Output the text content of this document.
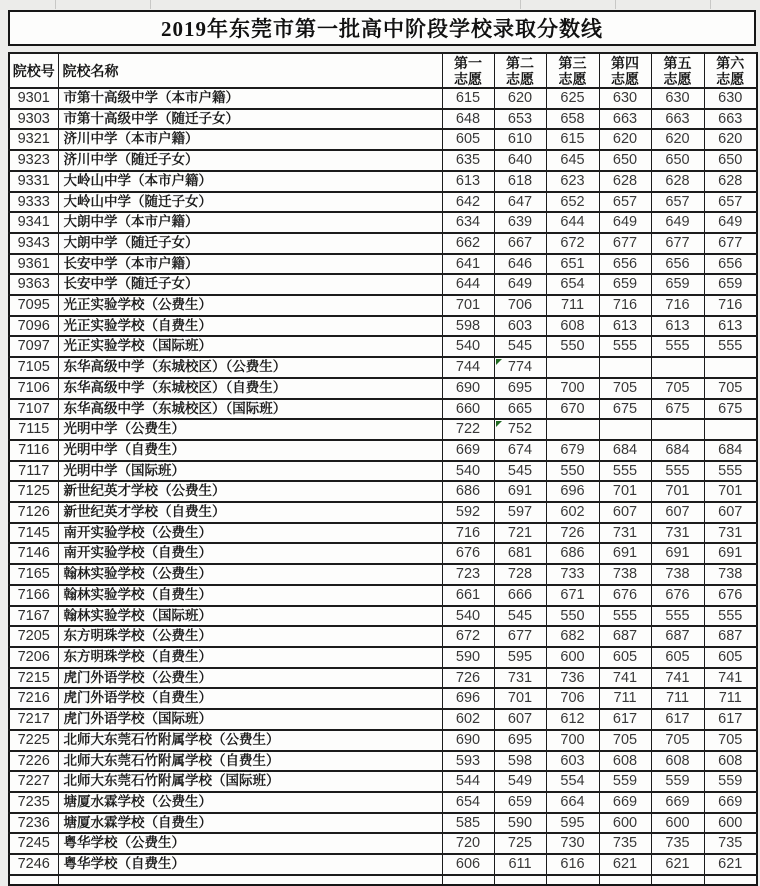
2019年东莞市第一批高中阶段学校录取分数线
院校号	院校名称	第一志愿	第二志愿	第三志愿	第四志愿	第五志愿	第六志愿
9301	市第十高级中学（本市户籍）	615	620	625	630	630	630
9303	市第十高级中学（随迁子女）	648	653	658	663	663	663
9321	济川中学（本市户籍）	605	610	615	620	620	620
9323	济川中学（随迁子女）	635	640	645	650	650	650
9331	大岭山中学（本市户籍）	613	618	623	628	628	628
9333	大岭山中学（随迁子女）	642	647	652	657	657	657
9341	大朗中学（本市户籍）	634	639	644	649	649	649
9343	大朗中学（随迁子女）	662	667	672	677	677	677
9361	长安中学（本市户籍）	641	646	651	656	656	656
9363	长安中学（随迁子女）	644	649	654	659	659	659
7095	光正实验学校（公费生）	701	706	711	716	716	716
7096	光正实验学校（自费生）	598	603	608	613	613	613
7097	光正实验学校（国际班）	540	545	550	555	555	555
7105	东华高级中学（东城校区）（公费生）	744	774				
7106	东华高级中学（东城校区）（自费生）	690	695	700	705	705	705
7107	东华高级中学（东城校区）（国际班）	660	665	670	675	675	675
7115	光明中学（公费生）	722	752				
7116	光明中学（自费生）	669	674	679	684	684	684
7117	光明中学（国际班）	540	545	550	555	555	555
7125	新世纪英才学校（公费生）	686	691	696	701	701	701
7126	新世纪英才学校（自费生）	592	597	602	607	607	607
7145	南开实验学校（公费生）	716	721	726	731	731	731
7146	南开实验学校（自费生）	676	681	686	691	691	691
7165	翰林实验学校（公费生）	723	728	733	738	738	738
7166	翰林实验学校（自费生）	661	666	671	676	676	676
7167	翰林实验学校（国际班）	540	545	550	555	555	555
7205	东方明珠学校（公费生）	672	677	682	687	687	687
7206	东方明珠学校（自费生）	590	595	600	605	605	605
7215	虎门外语学校（公费生）	726	731	736	741	741	741
7216	虎门外语学校（自费生）	696	701	706	711	711	711
7217	虎门外语学校（国际班）	602	607	612	617	617	617
7225	北师大东莞石竹附属学校（公费生）	690	695	700	705	705	705
7226	北师大东莞石竹附属学校（自费生）	593	598	603	608	608	608
7227	北师大东莞石竹附属学校（国际班）	544	549	554	559	559	559
7235	塘厦水霖学校（公费生）	654	659	664	669	669	669
7236	塘厦水霖学校（自费生）	585	590	595	600	600	600
7245	粤华学校（公费生）	720	725	730	735	735	735
7246	粤华学校（自费生）	606	611	616	621	621	621
